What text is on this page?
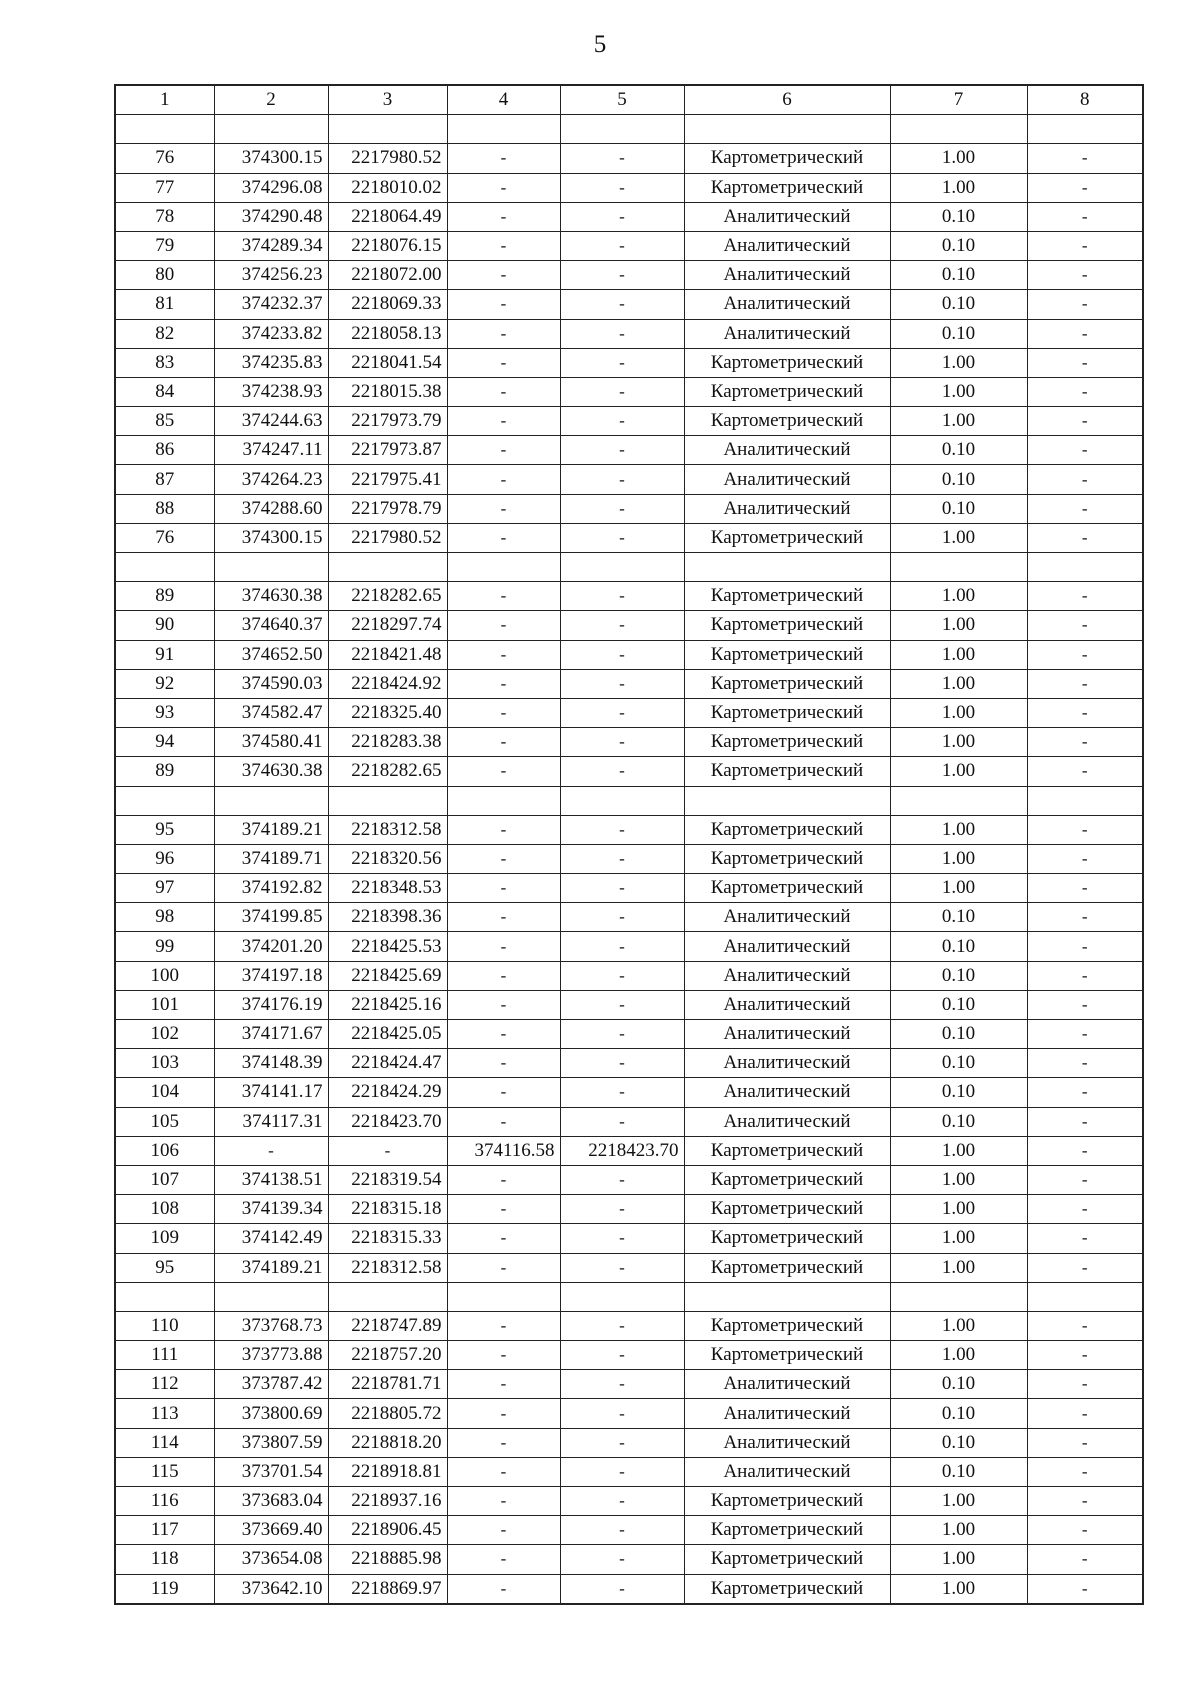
5
1	2	3	4	5	6	7	8

76	374300.15	2217980.52	-	-	Картометрический	1.00	-
77	374296.08	2218010.02	-	-	Картометрический	1.00	-
78	374290.48	2218064.49	-	-	Аналитический	0.10	-
79	374289.34	2218076.15	-	-	Аналитический	0.10	-
80	374256.23	2218072.00	-	-	Аналитический	0.10	-
81	374232.37	2218069.33	-	-	Аналитический	0.10	-
82	374233.82	2218058.13	-	-	Аналитический	0.10	-
83	374235.83	2218041.54	-	-	Картометрический	1.00	-
84	374238.93	2218015.38	-	-	Картометрический	1.00	-
85	374244.63	2217973.79	-	-	Картометрический	1.00	-
86	374247.11	2217973.87	-	-	Аналитический	0.10	-
87	374264.23	2217975.41	-	-	Аналитический	0.10	-
88	374288.60	2217978.79	-	-	Аналитический	0.10	-
76	374300.15	2217980.52	-	-	Картометрический	1.00	-

89	374630.38	2218282.65	-	-	Картометрический	1.00	-
90	374640.37	2218297.74	-	-	Картометрический	1.00	-
91	374652.50	2218421.48	-	-	Картометрический	1.00	-
92	374590.03	2218424.92	-	-	Картометрический	1.00	-
93	374582.47	2218325.40	-	-	Картометрический	1.00	-
94	374580.41	2218283.38	-	-	Картометрический	1.00	-
89	374630.38	2218282.65	-	-	Картометрический	1.00	-

95	374189.21	2218312.58	-	-	Картометрический	1.00	-
96	374189.71	2218320.56	-	-	Картометрический	1.00	-
97	374192.82	2218348.53	-	-	Картометрический	1.00	-
98	374199.85	2218398.36	-	-	Аналитический	0.10	-
99	374201.20	2218425.53	-	-	Аналитический	0.10	-
100	374197.18	2218425.69	-	-	Аналитический	0.10	-
101	374176.19	2218425.16	-	-	Аналитический	0.10	-
102	374171.67	2218425.05	-	-	Аналитический	0.10	-
103	374148.39	2218424.47	-	-	Аналитический	0.10	-
104	374141.17	2218424.29	-	-	Аналитический	0.10	-
105	374117.31	2218423.70	-	-	Аналитический	0.10	-
106	-	-	374116.58	2218423.70	Картометрический	1.00	-
107	374138.51	2218319.54	-	-	Картометрический	1.00	-
108	374139.34	2218315.18	-	-	Картометрический	1.00	-
109	374142.49	2218315.33	-	-	Картометрический	1.00	-
95	374189.21	2218312.58	-	-	Картометрический	1.00	-

110	373768.73	2218747.89	-	-	Картометрический	1.00	-
111	373773.88	2218757.20	-	-	Картометрический	1.00	-
112	373787.42	2218781.71	-	-	Аналитический	0.10	-
113	373800.69	2218805.72	-	-	Аналитический	0.10	-
114	373807.59	2218818.20	-	-	Аналитический	0.10	-
115	373701.54	2218918.81	-	-	Аналитический	0.10	-
116	373683.04	2218937.16	-	-	Картометрический	1.00	-
117	373669.40	2218906.45	-	-	Картометрический	1.00	-
118	373654.08	2218885.98	-	-	Картометрический	1.00	-
119	373642.10	2218869.97	-	-	Картометрический	1.00	-
